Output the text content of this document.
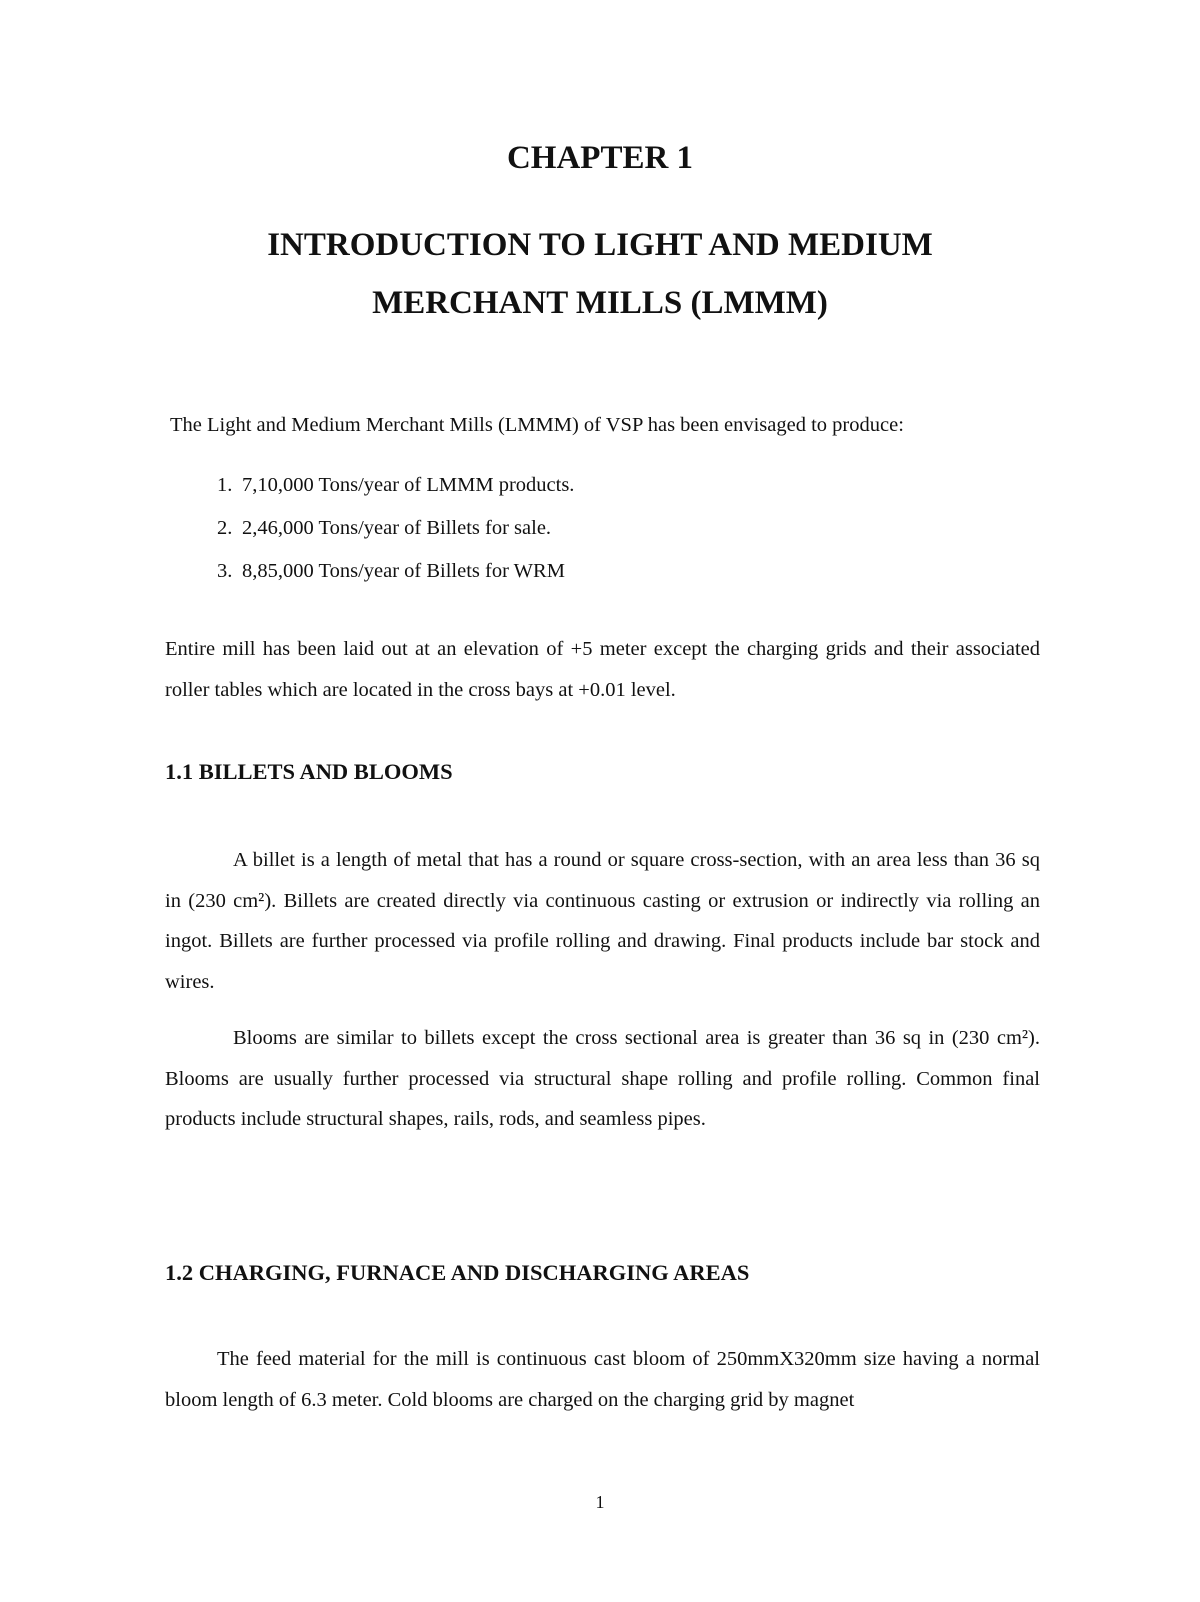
CHAPTER 1
INTRODUCTION TO LIGHT AND MEDIUM
MERCHANT MILLS (LMMM)
The Light and Medium Merchant Mills (LMMM) of VSP has been envisaged to produce:
1. 7,10,000 Tons/year of LMMM products.
2. 2,46,000 Tons/year of Billets for sale.
3. 8,85,000 Tons/year of Billets for WRM

Entire mill has been laid out at an elevation of +5 meter except the charging grids and their associated roller tables which are located in the cross bays at +0.01 level.

1.1 BILLETS AND BLOOMS

A billet is a length of metal that has a round or square cross-section, with an area less than 36 sq in (230 cm²). Billets are created directly via continuous casting or extrusion or indirectly via rolling an ingot. Billets are further processed via profile rolling and drawing. Final products include bar stock and wires.

Blooms are similar to billets except the cross sectional area is greater than 36 sq in (230 cm²). Blooms are usually further processed via structural shape rolling and profile rolling. Common final products include structural shapes, rails, rods, and seamless pipes.

1.2 CHARGING, FURNACE AND DISCHARGING AREAS

The feed material for the mill is continuous cast bloom of 250mmX320mm size having a normal bloom length of 6.3 meter. Cold blooms are charged on the charging grid by magnet

1
